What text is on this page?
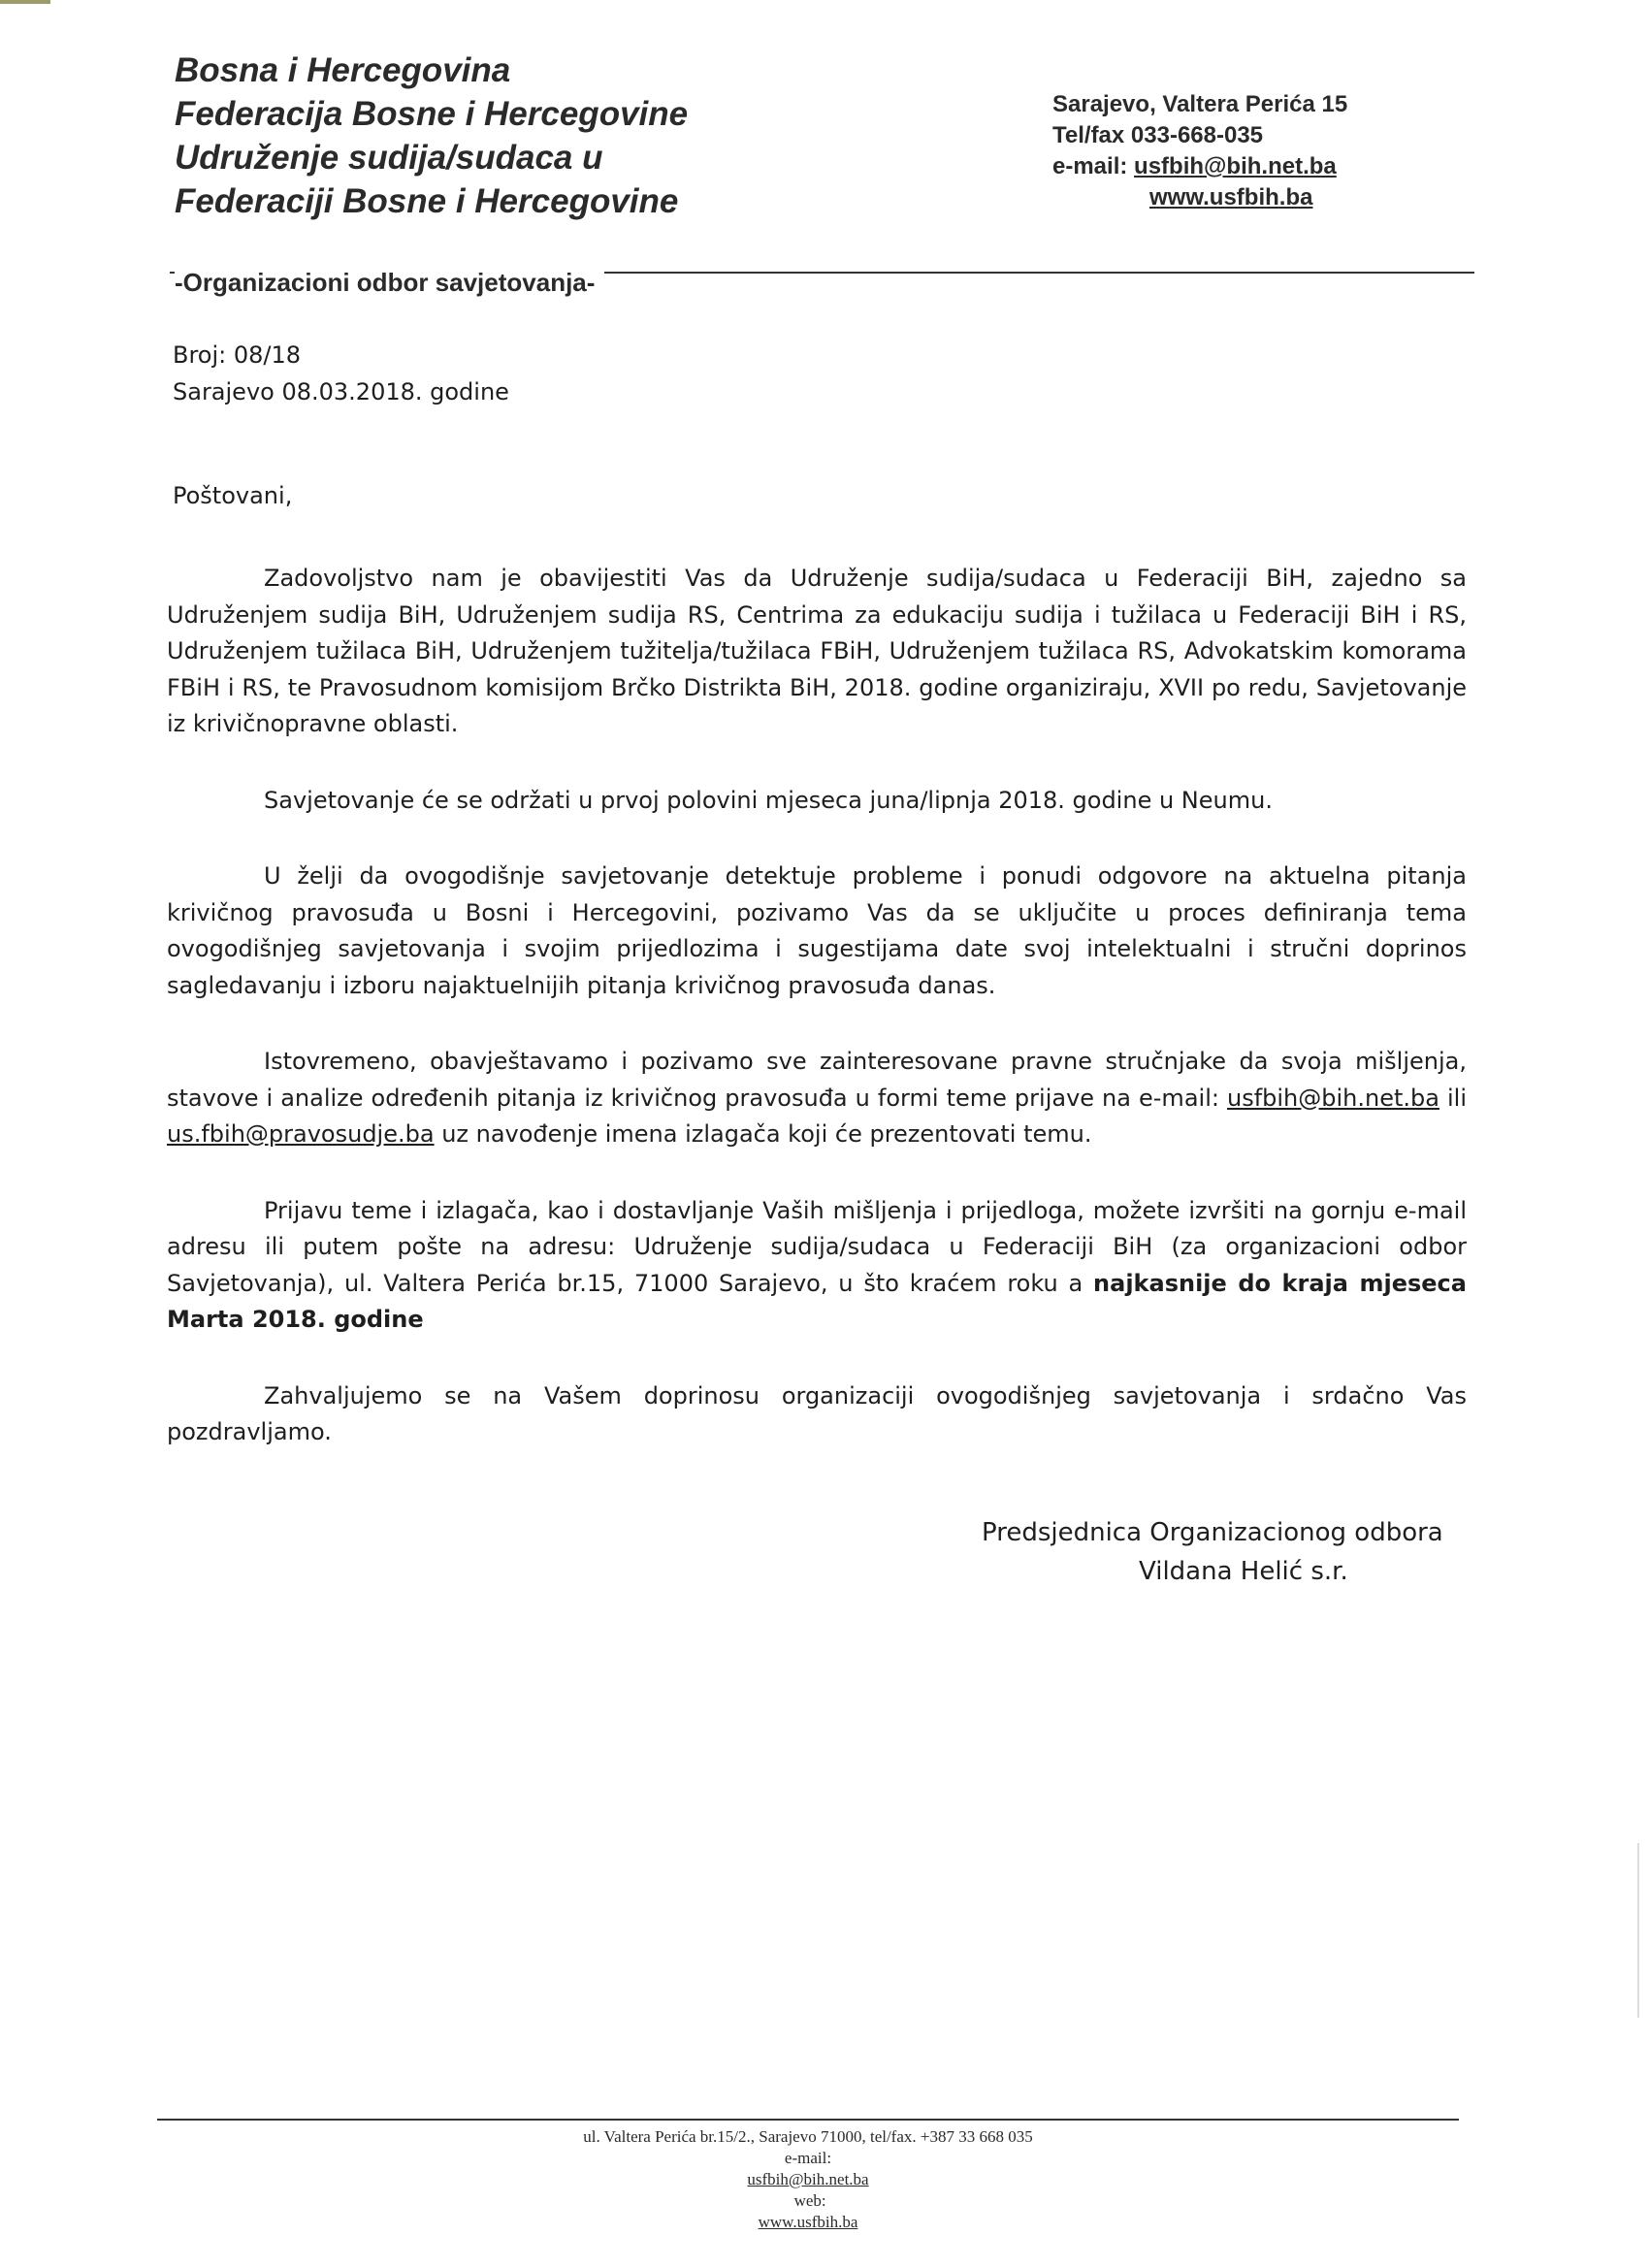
Bosna i Hercegovina
Federacija Bosne i Hercegovine
Udruženje sudija/sudaca u
Federaciji Bosne i Hercegovine
Sarajevo, Valtera Perića 15
Tel/fax 033-668-035
e-mail: usfbih@bih.net.ba
www.usfbih.ba
-Organizacioni odbor savjetovanja-
Broj: 08/18
Sarajevo 08.03.2018. godine
Poštovani,

Zadovoljstvo nam je obavijestiti Vas da Udruženje sudija/sudaca u Federaciji BiH, zajedno sa Udruženjem sudija BiH, Udruženjem sudija RS, Centrima za edukaciju sudija i tužilaca u Federaciji BiH i RS, Udruženjem tužilaca BiH, Udruženjem tužitelja/tužilaca FBiH, Udruženjem tužilaca RS, Advokatskim komorama FBiH i RS, te Pravosudnom komisijom Brčko Distrikta BiH, 2018. godine organiziraju, XVII po redu, Savjetovanje iz krivičnopravne oblasti.

Savjetovanje će se održati u prvoj polovini mjeseca juna/lipnja 2018. godine u Neumu.

U želji da ovogodišnje savjetovanje detektuje probleme i ponudi odgovore na aktuelna pitanja krivičnog pravosuđa u Bosni i Hercegovini, pozivamo Vas da se uključite u proces definiranja tema ovogodišnjeg savjetovanja i svojim prijedlozima i sugestijama date svoj intelektualni i stručni doprinos sagledavanju i izboru najaktuelnijih pitanja krivičnog pravosuđa danas.

Istovremeno, obavještavamo i pozivamo sve zainteresovane pravne stručnjake da svoja mišljenja, stavove i analize određenih pitanja iz krivičnog pravosuđa u formi teme prijave na e-mail: usfbih@bih.net.ba ili us.fbih@pravosudje.ba uz navođenje imena izlagača koji će prezentovati temu.

Prijavu teme i izlagača, kao i dostavljanje Vaših mišljenja i prijedloga, možete izvršiti na gornju e-mail adresu ili putem pošte na adresu: Udruženje sudija/sudaca u Federaciji BiH (za organizacioni odbor Savjetovanja), ul. Valtera Perića br.15, 71000 Sarajevo, u što kraćem roku a najkasnije do kraja mjeseca Marta 2018. godine

Zahvaljujemo se na Vašem doprinosu organizaciji ovogodišnjeg savjetovanja i srdačno Vas pozdravljamo.

Predsjednica Organizacionog odbora
Vildana Helić s.r.
ul. Valtera Perića br.15/2., Sarajevo 71000, tel/fax. +387 33 668 035
e-mail:
usfbih@bih.net.ba
web:
www.usfbih.ba
